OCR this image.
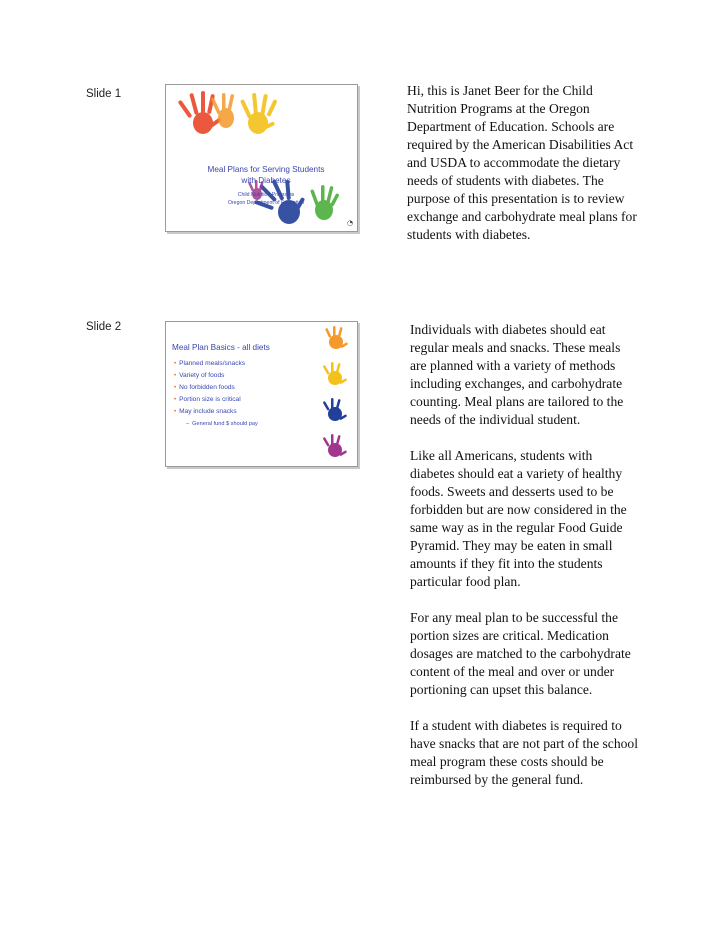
Slide 1
Meal Plans for Serving Students
with Diabetes
Child Nutrition Programs
Oregon Department of Education
◔

Hi, this is Janet Beer for the Child Nutrition Programs at the Oregon Department of Education. Schools are required by the American Disabilities Act and USDA to accommodate the dietary needs of students with diabetes. The purpose of this presentation is to review exchange and carbohydrate meal plans for students with diabetes.

Slide 2
Meal Plan Basics - all diets
• Planned meals/snacks
• Variety of foods
• No forbidden foods
• Portion size is critical
• May include snacks
– General fund $ should pay

Individuals with diabetes should eat regular meals and snacks. These meals are planned with a variety of methods including exchanges, and carbohydrate counting. Meal plans are tailored to the needs of the individual student.

Like all Americans, students with diabetes should eat a variety of healthy foods. Sweets and desserts used to be forbidden but are now considered in the same way as in the regular Food Guide Pyramid. They may be eaten in small amounts if they fit into the students particular food plan.

For any meal plan to be successful the portion sizes are critical. Medication dosages are matched to the carbohydrate content of the meal and over or under portioning can upset this balance.

If a student with diabetes is required to have snacks that are not part of the school meal program these costs should be reimbursed by the general fund.
